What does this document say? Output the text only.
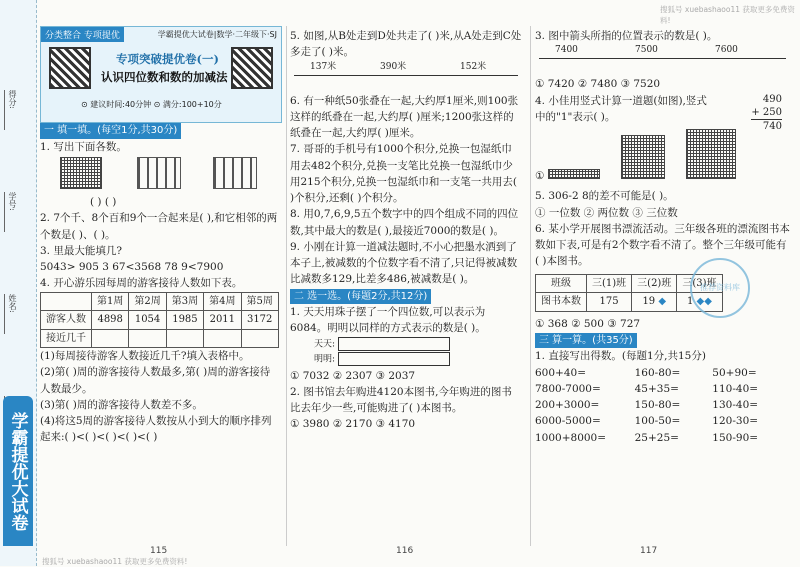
得分:
学号:
姓名:
学霸提优大试卷
搜狐号 xuebashaoo11 获取更多免费资料!
搜狐号 xuebashaoo11 获取更多免费资料!
分类整合 专项提优	学霸提优大试卷|数学·二年级下·SJ
专项突破提优卷(一)
认识四位数和数的加减法
⊙ 建议时间:40分钟 ⊙ 满分:100+10分
一 填一填。(每空1分,共30分)
1. 写出下面各数。

( ) ( )
2. 7个千、8个百和9个一合起来是( ),和它相邻的两个数是( )、( )。
3. 里最大能填几?
5043> 905 3 67<3568 78 9<7900
4. 开心游乐园每周的游客接待人数如下表。
	第1周	第2周	第3周	第4周	第5周
游客人数	4898	1054	1985	2011	3172
接近几千					
(1)每周接待游客人数接近几千?填入表格中。
(2)第( )周的游客接待人数最多,第( )周的游客接待人数最少。
(3)第( )周的游客接待人数差不多。
(4)将这5周的游客接待人数按从小到大的顺序排列起来:( )<( )<( )<( )<( )
115
5. 如图,从B处走到D处共走了( )米,从A处走到C处多走了( )米。
137米	390米	152米
6. 有一种纸50张叠在一起,大约厚1厘米,则100张这样的纸叠在一起,大约厚( )厘米;1200张这样的纸叠在一起,大约厚( )厘米。
7. 哥哥的手机号有1000个积分,兑换一包湿纸巾用去482个积分,兑换一支笔比兑换一包湿纸巾少用215个积分,兑换一包湿纸巾和一支笔一共用去( )个积分,还剩( )个积分。
8. 用0,7,6,9,5五个数字中的四个组成不同的四位数,其中最大的数是( ),最接近7000的数是( )。
9. 小刚在计算一道减法题时,不小心把墨水洒到了本子上,被减数的个位数字看不清了,只记得被减数比减数多129,比差多486,被减数是( )。
二 选一选。(每题2分,共12分)
1. 天天用珠子摆了一个四位数,可以表示为6084。明明以同样的方式表示的数是( )。
天天:
明明:
① 7032 ② 2307 ③ 2037
2. 图书馆去年购进4120本图书,今年购进的图书比去年少一些,可能购进了( )本图书。
① 3980 ② 2170 ③ 4170
116
3. 图中箭头所指的位置表示的数是( )。
7400	7500	7600
① 7420 ② 7480 ③ 7520
4. 小佳用竖式计算一道题(如图),竖式中的"1"表示( )。
490
+ 250
740
①
5. 306-2 8的差不可能是( )。
① 一位数 ② 两位数 ③ 三位数
6. 某小学开展图书漂流活动。三年级各班的漂流图书本数如下表,可是有2个数字看不清了。整个三年级可能有( )本图书。
班级	三(1)班	三(2)班	三(3)班
图书本数	175	19 ◆	1 ◆◆
① 368 ② 500 ③ 727
三 算一算。(共35分)
1. 直接写出得数。(每题1分,共15分)
600+40=	160-80=	50+90=
7800-7000=	45+35=	110-40=
200+3000=	150-80=	130-40=
6000-5000=	100-50=	120-30=
1000+8000=	25+25=	150-90=
推荐资料库
117
